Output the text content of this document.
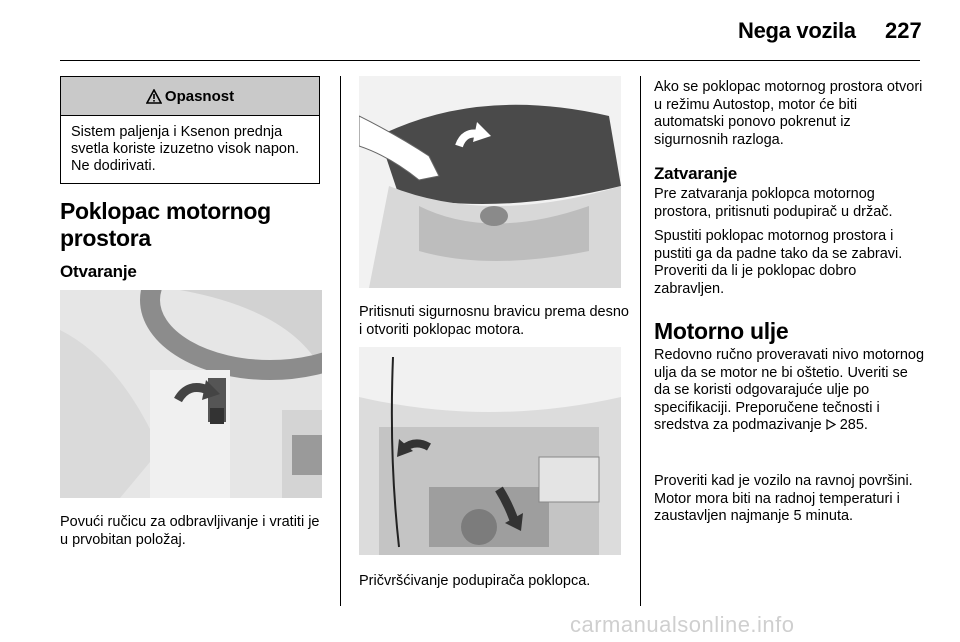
Nega vozila 227
Opasnost
Sistem paljenja i Ksenon prednja svetla koriste izuzetno visok napon. Ne dodirivati.
Poklopac motornog
prostora
Otvaranje
Povući ručicu za odbravljivanje i vratiti je u prvobitan položaj.
Pritisnuti sigurnosnu bravicu prema desno i otvoriti poklopac motora.
Pričvršćivanje podupirača poklopca.
Ako se poklopac motornog prostora otvori u režimu Autostop, motor će biti automatski ponovo pokrenut iz sigurnosnih razloga.
Zatvaranje
Pre zatvaranja poklopca motornog prostora, pritisnuti podupirač u držač.
Spustiti poklopac motornog prostora i pustiti ga da padne tako da se zabravi. Proveriti da li je poklopac dobro zabravljen.
Motorno ulje
Redovno ručno proveravati nivo motornog ulja da se motor ne bi oštetio. Uveriti se da se koristi odgovarajuće ulje po specifikaciji. Preporučene tečnosti i sredstva za podmazivanje 285.
Proveriti kad je vozilo na ravnoj površini. Motor mora biti na radnoj temperaturi i zaustavljen najmanje 5 minuta.
carmanualsonline.info
